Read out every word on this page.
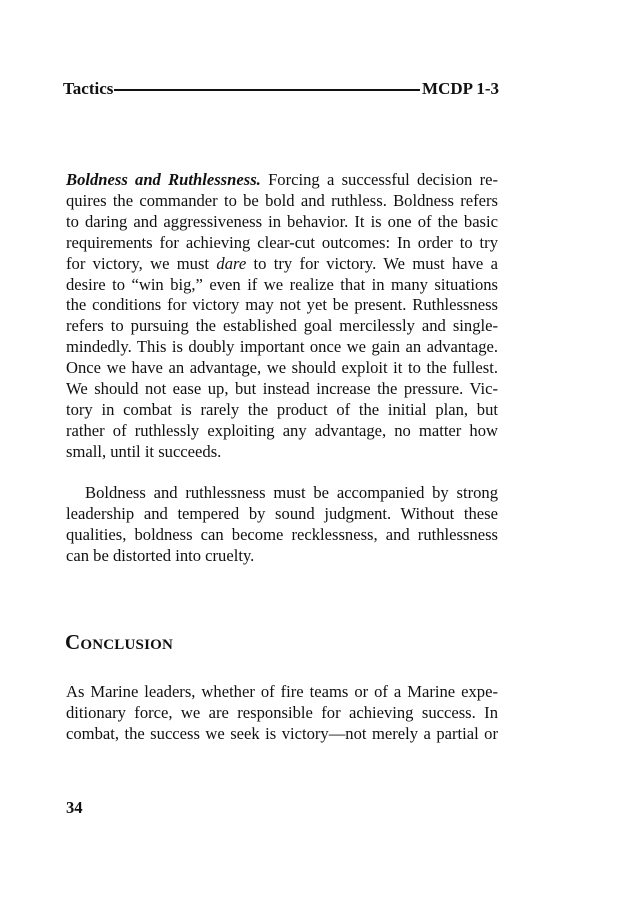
Tactics	MCDP 1-3

Boldness and Ruthlessness. Forcing a successful decision re-
quires the commander to be bold and ruthless. Boldness refers
to daring and aggressiveness in behavior. It is one of the basic
requirements for achieving clear-cut outcomes: In order to try
for victory, we must dare to try for victory. We must have a
desire to “win big,” even if we realize that in many situations
the conditions for victory may not yet be present. Ruthlessness
refers to pursuing the established goal mercilessly and single-
mindedly. This is doubly important once we gain an advantage.
Once we have an advantage, we should exploit it to the fullest.
We should not ease up, but instead increase the pressure. Vic-
tory in combat is rarely the product of the initial plan, but
rather of ruthlessly exploiting any advantage, no matter how
small, until it succeeds.

Boldness and ruthlessness must be accompanied by strong
leadership and tempered by sound judgment. Without these
qualities, boldness can become recklessness, and ruthlessness
can be distorted into cruelty.

Conclusion

As Marine leaders, whether of fire teams or of a Marine expe-
ditionary force, we are responsible for achieving success. In
combat, the success we seek is victory—not merely a partial or

34
